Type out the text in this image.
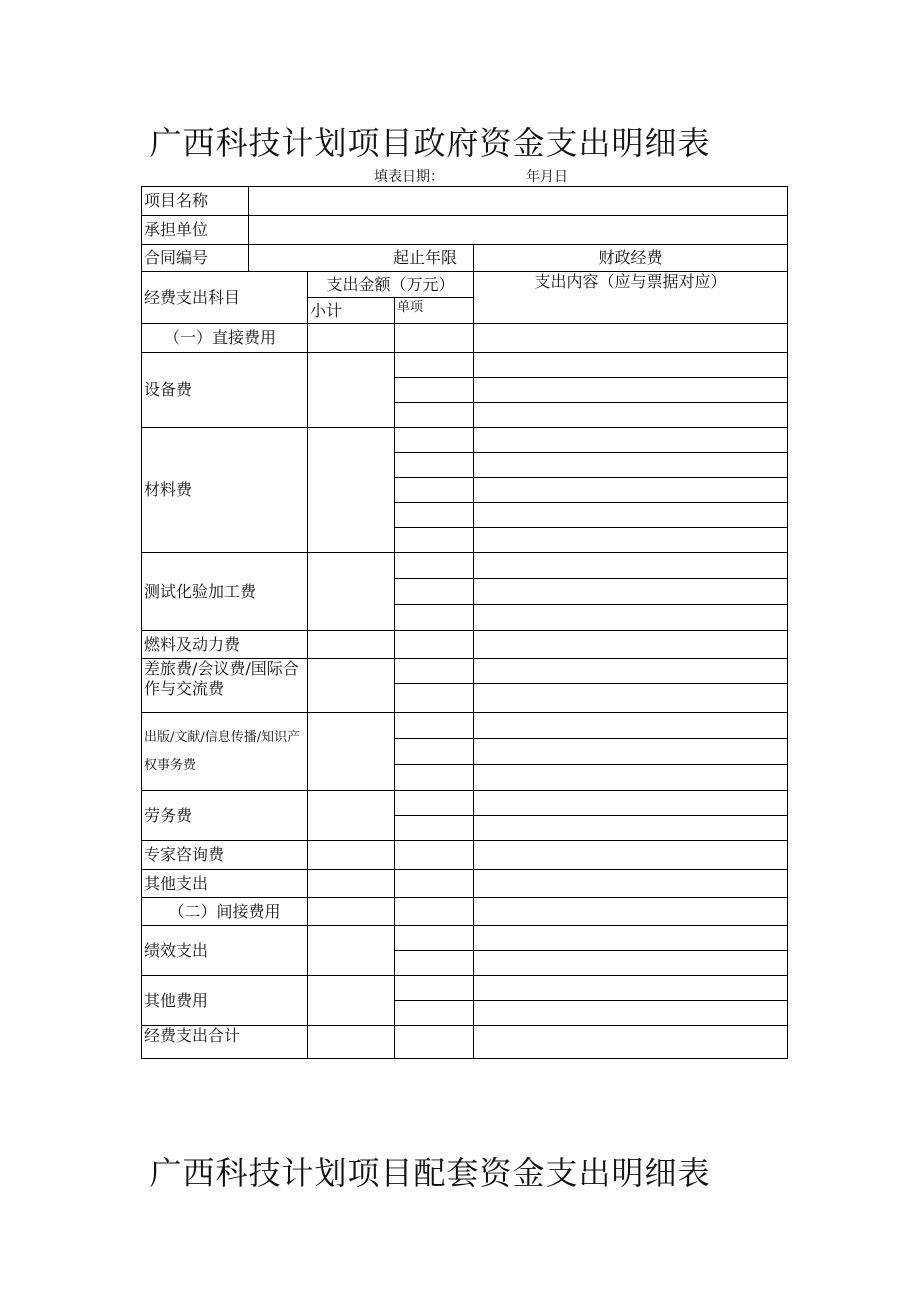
广西科技计划项目政府资金支出明细表
填表日期：	年月日
项目名称				
承担单位				
合同编号	起止年限			财政经费
经费支出科目		支出金额（万元）		支出内容（应与票据对应）
		小计	单项	
（一）直接费用				
设备费				

材料费				

测试化验加工费				

燃料及动力费				
差旅费/会议费/国际合作与交流费				

出版/文献/信息传播/知识产权事务费				

劳务费				

专家咨询费				
其他支出				
（二）间接费用				
绩效支出				

其他费用				

经费支出合计				
广西科技计划项目配套资金支出明细表
